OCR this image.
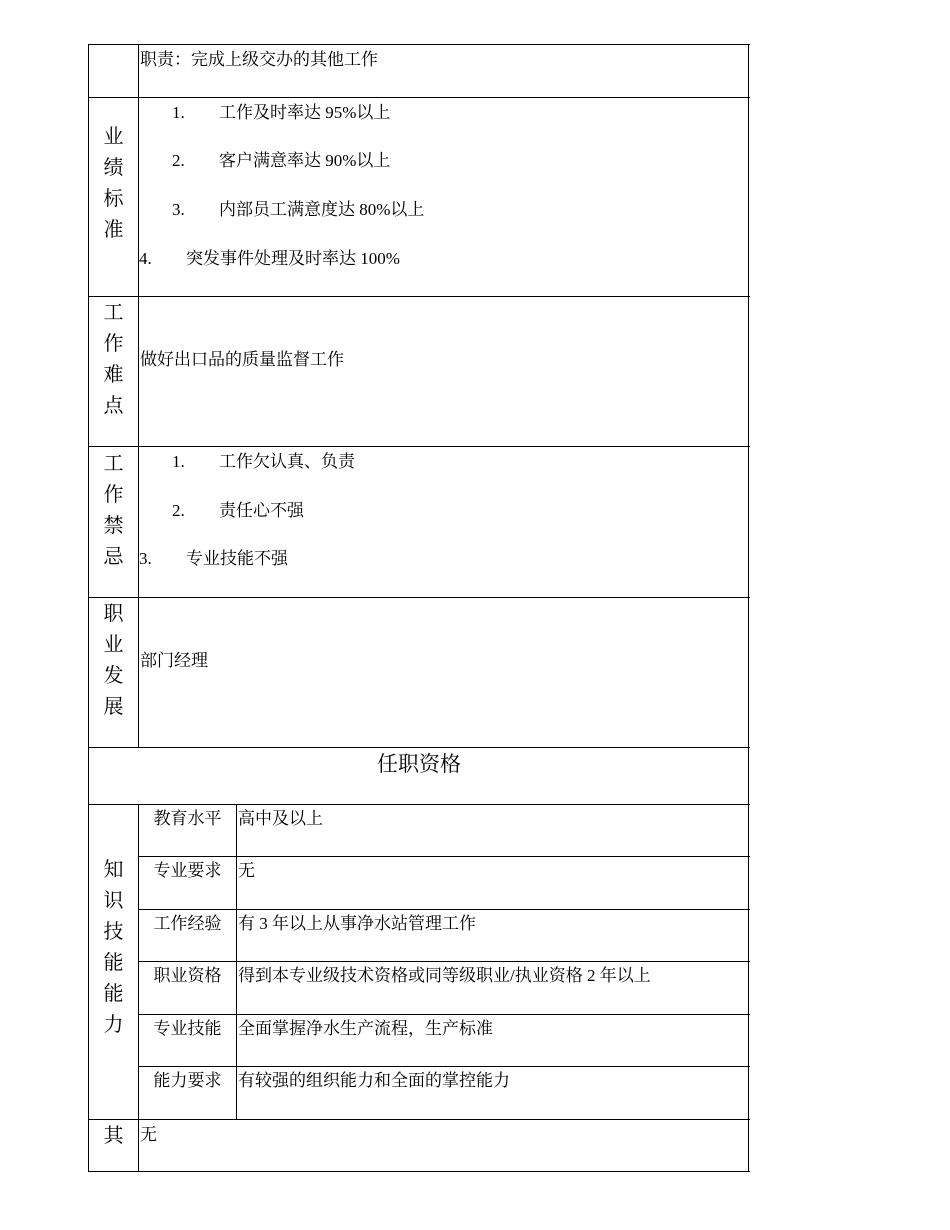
职责：完成上级交办的其他工作
业
绩
标
准
1. 工作及时率达 95%以上
2. 客户满意率达 90%以上
3. 内部员工满意度达 80%以上
4. 突发事件处理及时率达 100%
工
作
难
点
做好出口品的质量监督工作
工
作
禁
忌
1. 工作欠认真、负责
2. 责任心不强
3. 专业技能不强
职
业
发
展
部门经理
任职资格
知
识
技
能
能
力
教育水平 高中及以上
专业要求 无
工作经验 有 3 年以上从事净水站管理工作
职业资格 得到本专业级技术资格或同等级职业/执业资格 2 年以上
专业技能 全面掌握净水生产流程，生产标准
能力要求 有较强的组织能力和全面的掌控能力
其 无
